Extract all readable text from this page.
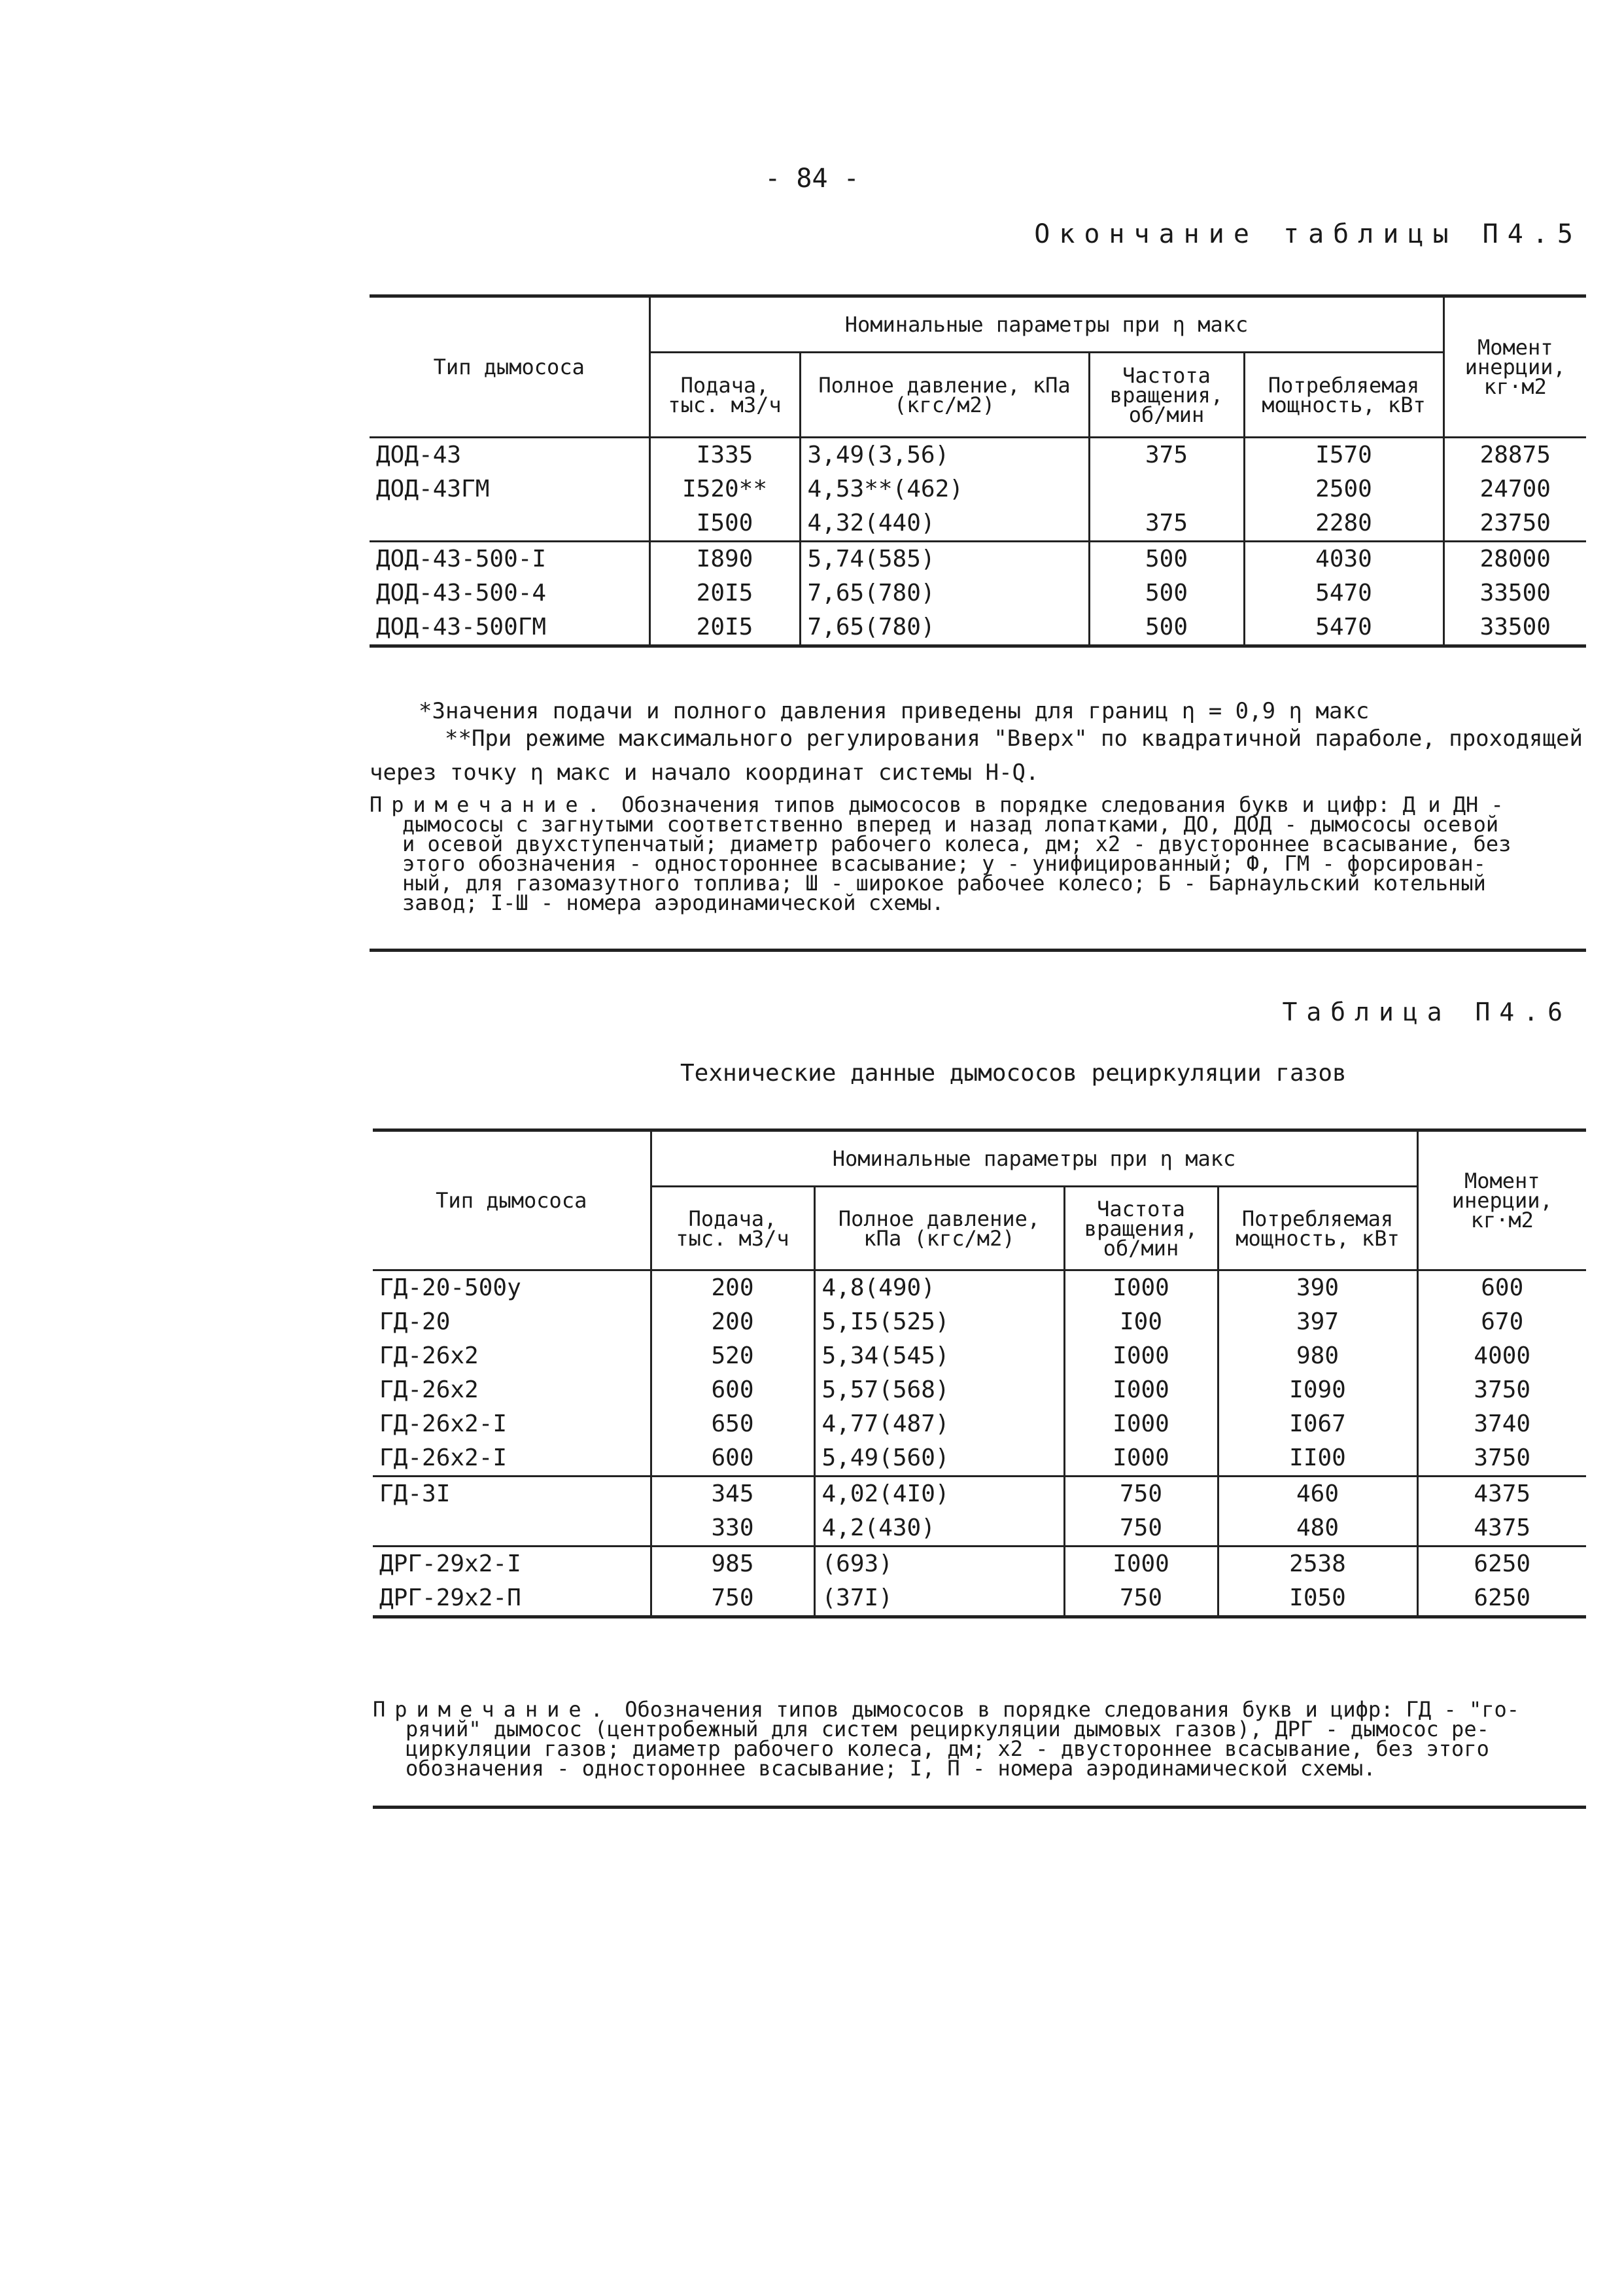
- 84 -
Окончание таблицы П4.5
Тип дымососа	Номинальные параметры при η макс				Момент инерции, кг·м2
	Подача, тыс. м3/ч	Полное давление, кПа (кгс/м2)	Частота вращения, об/мин	Потребляемая мощность, кВт	
ДОД-43	I335	3,49(3,56)	375	I570	28875
ДОД-43ГМ	I520**	4,53**(462)		2500	24700
	I500	4,32(440)	375	2280	23750
ДОД-43-500-I	I890	5,74(585)	500	4030	28000
ДОД-43-500-4	20I5	7,65(780)	500	5470	33500
ДОД-43-500ГМ	20I5	7,65(780)	500	5470	33500
*Значения подачи и полного давления приведены для границ η = 0,9 η макс
**При режиме максимального регулирования "Вверх" по квадратичной параболе, проходящей
через точку η макс и начало координат системы H-Q.
Примечание. Обозначения типов дымососов в порядке следования букв и цифр: Д и ДН -
дымососы с загнутыми соответственно вперед и назад лопатками, ДО, ДОД - дымососы осевой
и осевой двухступенчатый; диаметр рабочего колеса, дм; х2 - двустороннее всасывание, без
этого обозначения - одностороннее всасывание; у - унифицированный; Ф, ГМ - форсирован-
ный, для газомазутного топлива; Ш - широкое рабочее колесо; Б - Барнаульский котельный
завод; I-Ш - номера аэродинамической схемы.
Таблица П4.6
Технические данные дымососов рециркуляции газов
Тип дымососа	Номинальные параметры при η макс				Момент инерции, кг·м2
	Подача, тыс. м3/ч	Полное давление, кПа (кгс/м2)	Частота вращения, об/мин	Потребляемая мощность, кВт	
ГД-20-500у	200	4,8(490)	I000	390	600
ГД-20	200	5,I5(525)	I00	397	670
ГД-26х2	520	5,34(545)	I000	980	4000
ГД-26х2	600	5,57(568)	I000	I090	3750
ГД-26х2-I	650	4,77(487)	I000	I067	3740
ГД-26х2-I	600	5,49(560)	I000	II00	3750
ГД-3I	345	4,02(4I0)	750	460	4375
	330	4,2(430)	750	480	4375
ДРГ-29х2-I	985	(693)	I000	2538	6250
ДРГ-29х2-П	750	(37I)	750	I050	6250
Примечание. Обозначения типов дымососов в порядке следования букв и цифр: ГД - "го-
рячий" дымосос (центробежный для систем рециркуляции дымовых газов), ДРГ - дымосос ре-
циркуляции газов; диаметр рабочего колеса, дм; х2 - двустороннее всасывание, без этого
обозначения - одностороннее всасывание; I, П - номера аэродинамической схемы.
